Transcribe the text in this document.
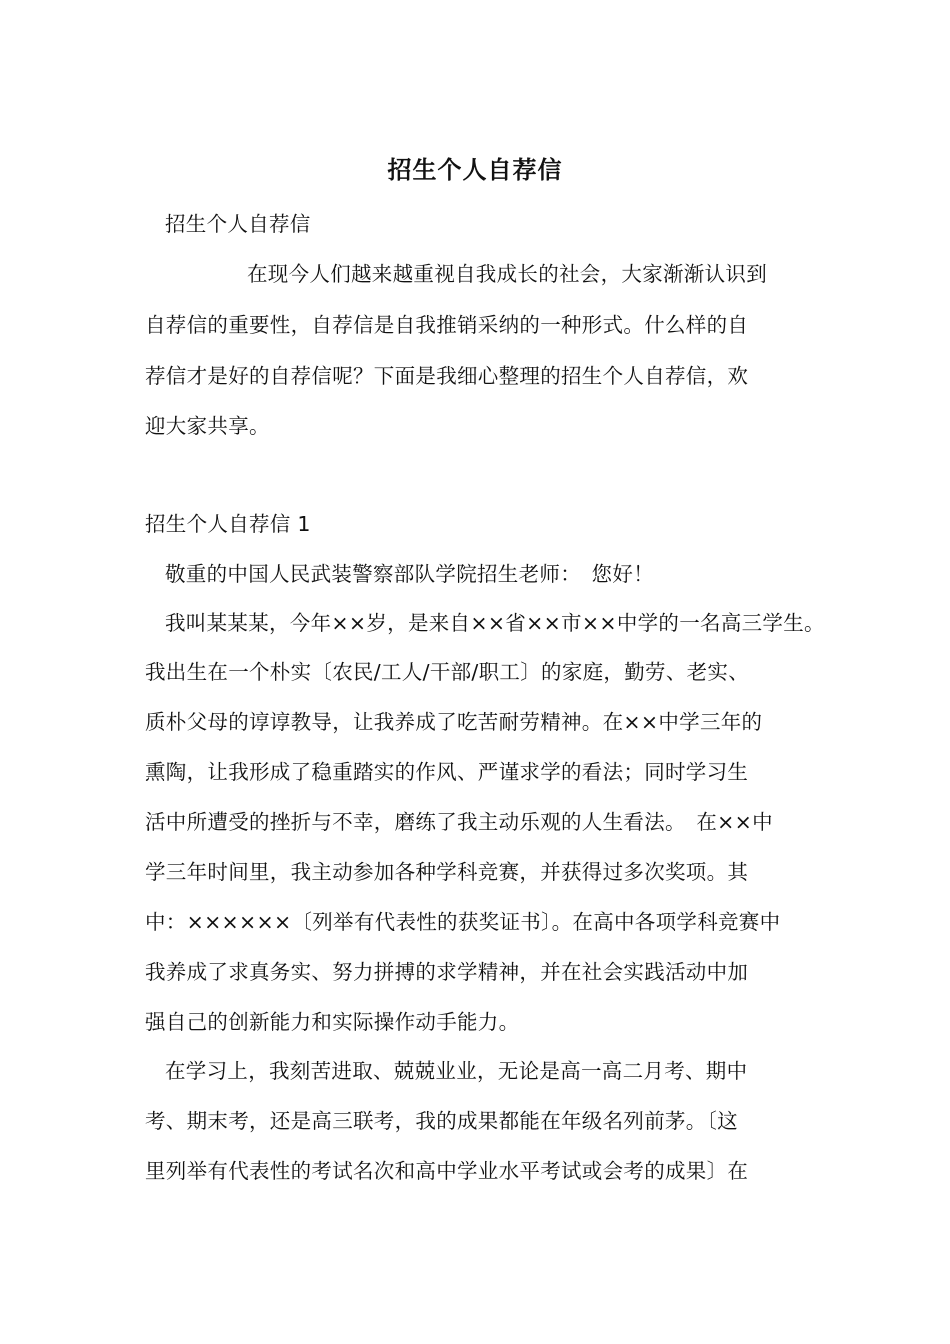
招生个人自荐信
招生个人自荐信
在现今人们越来越重视自我成长的社会，大家渐渐认识到
自荐信的重要性，自荐信是自我推销采纳的一种形式。什么样的自
荐信才是好的自荐信呢？下面是我细心整理的招生个人自荐信，欢
迎大家共享。
招生个人自荐信 1
敬重的中国人民武装警察部队学院招生老师：　您好！
我叫某某某，今年××岁，是来自××省××市××中学的一名高三学生。
我出生在一个朴实〔农民/工人/干部/职工〕的家庭，勤劳、老实、
质朴父母的谆谆教导，让我养成了吃苦耐劳精神。在××中学三年的
熏陶，让我形成了稳重踏实的作风、严谨求学的看法；同时学习生
活中所遭受的挫折与不幸，磨练了我主动乐观的人生看法。　在××中
学三年时间里，我主动参加各种学科竞赛，并获得过多次奖项。其
中：××××××〔列举有代表性的获奖证书〕。在高中各项学科竞赛中
我养成了求真务实、努力拼搏的求学精神，并在社会实践活动中加
强自己的创新能力和实际操作动手能力。
在学习上，我刻苦进取、兢兢业业，无论是高一高二月考、期中
考、期末考，还是高三联考，我的成果都能在年级名列前茅。〔这
里列举有代表性的考试名次和高中学业水平考试或会考的成果〕在
